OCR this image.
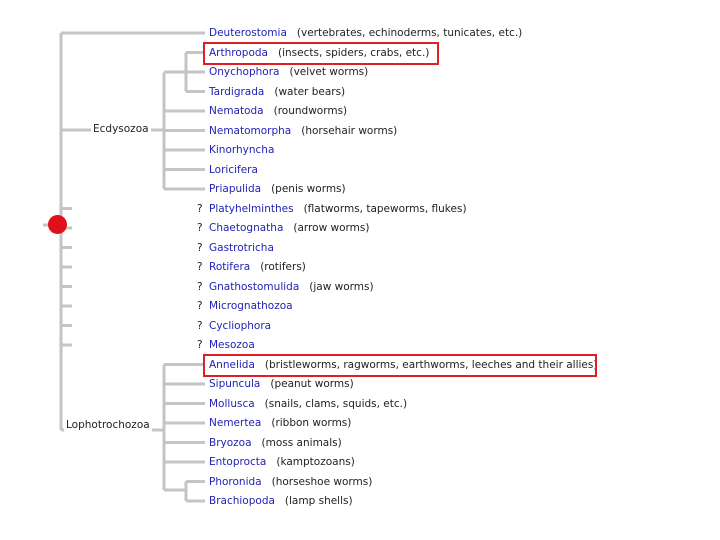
Deuterostomia (vertebrates, echinoderms, tunicates, etc.)
Arthropoda (insects, spiders, crabs, etc.)
Onychophora (velvet worms)
Tardigrada (water bears)
Nematoda (roundworms)
Nematomorpha (horsehair worms)
Kinorhyncha
Loricifera
Priapulida (penis worms)
Platyhelminthes (flatworms, tapeworms, flukes)
?
Chaetognatha (arrow worms)
?
Gastrotricha
?
Rotifera (rotifers)
?
Gnathostomulida (jaw worms)
?
Micrognathozoa
?
Cycliophora
?
Mesozoa
?
Annelida (bristleworms, ragworms, earthworms, leeches and their allies)
Sipuncula (peanut worms)
Mollusca (snails, clams, squids, etc.)
Nemertea (ribbon worms)
Bryozoa (moss animals)
Entoprocta (kamptozoans)
Phoronida (horseshoe worms)
Brachiopoda (lamp shells)
Ecdysozoa
Lophotrochozoa
